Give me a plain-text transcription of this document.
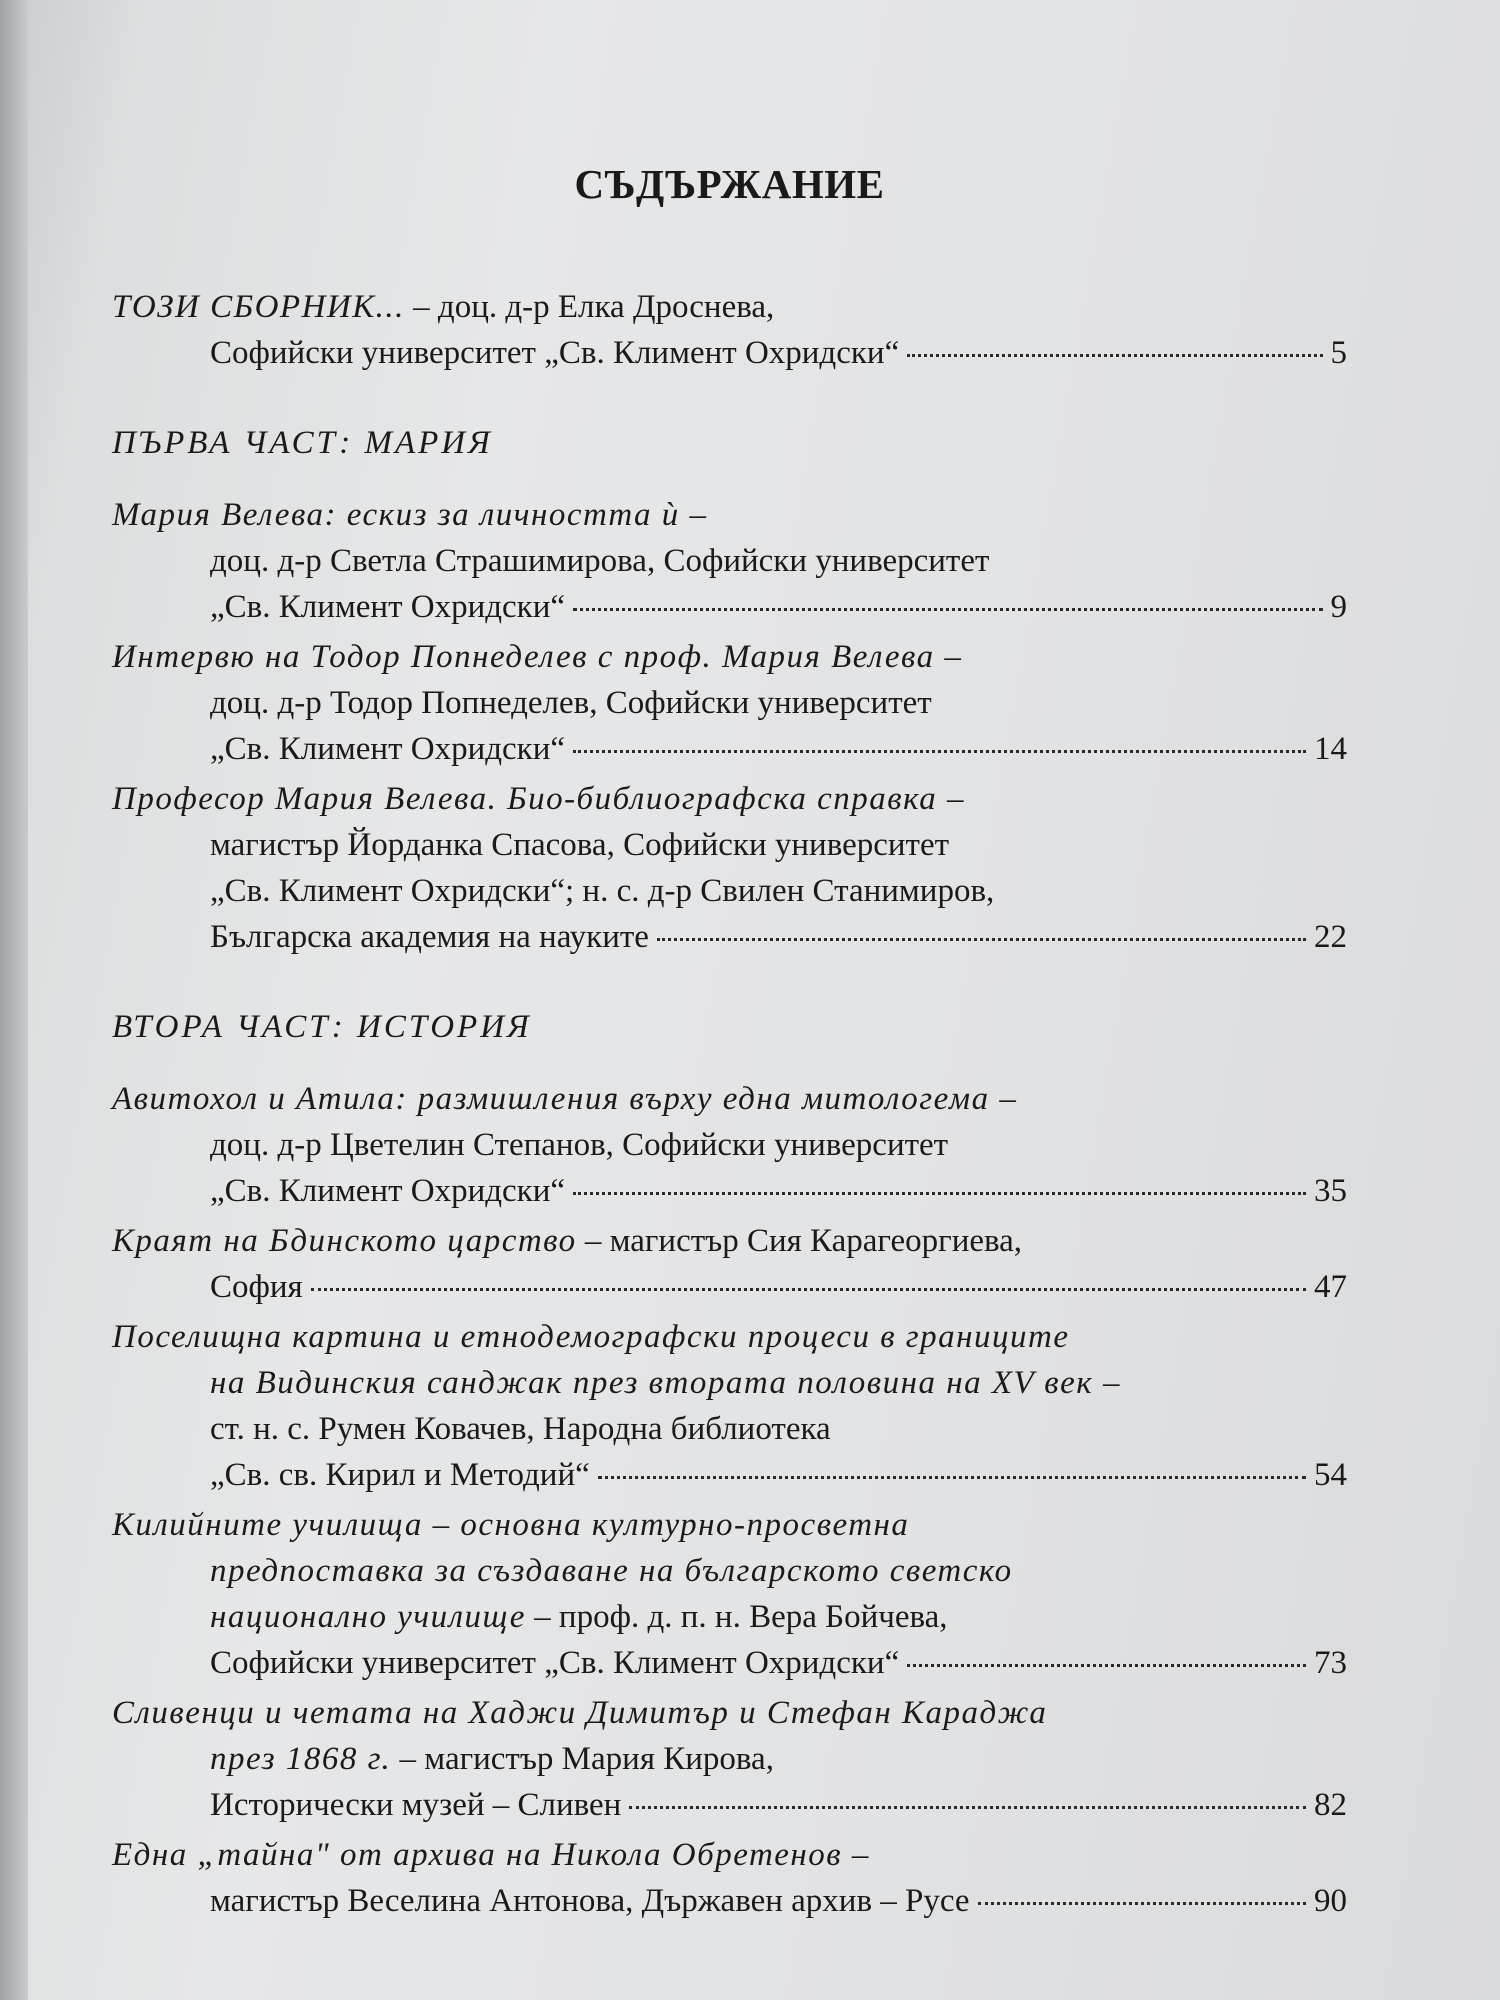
СЪДЪРЖАНИЕ
ТОЗИ СБОРНИК... – доц. д-р Елка Дроснева,
Софийски университет „Св. Климент Охридски“	5
ПЪРВА ЧАСТ: МАРИЯ
Мария Велева: ескиз за личността ѝ –
доц. д-р Светла Страшимирова, Софийски университет
„Св. Климент Охридски“	9
Интервю на Тодор Попнеделев с проф. Мария Велева –
доц. д-р Тодор Попнеделев, Софийски университет
„Св. Климент Охридски“	14
Професор Мария Велева. Био-библиографска справка –
магистър Йорданка Спасова, Софийски университет
„Св. Климент Охридски“; н. с. д-р Свилен Станимиров,
Българска академия на науките	22
ВТОРА ЧАСТ: ИСТОРИЯ
Авитохол и Атила: размишления върху една митологема –
доц. д-р Цветелин Степанов, Софийски университет
„Св. Климент Охридски“	35
Краят на Бдинското царство – магистър Сия Карагеоргиева,
София	47
Поселищна картина и етнодемографски процеси в границите
на Видинския санджак през втората половина на XV век –
ст. н. с. Румен Ковачев, Народна библиотека
„Св. св. Кирил и Методий“	54
Килийните училища – основна културно-просветна
предпоставка за създаване на българското светско
национално училище – проф. д. п. н. Вера Бойчева,
Софийски университет „Св. Климент Охридски“	73
Сливенци и четата на Хаджи Димитър и Стефан Караджа
през 1868 г. – магистър Мария Кирова,
Исторически музей – Сливен	82
Една „тайна" от архива на Никола Обретенов –
магистър Веселина Антонова, Държавен архив – Русе	90
